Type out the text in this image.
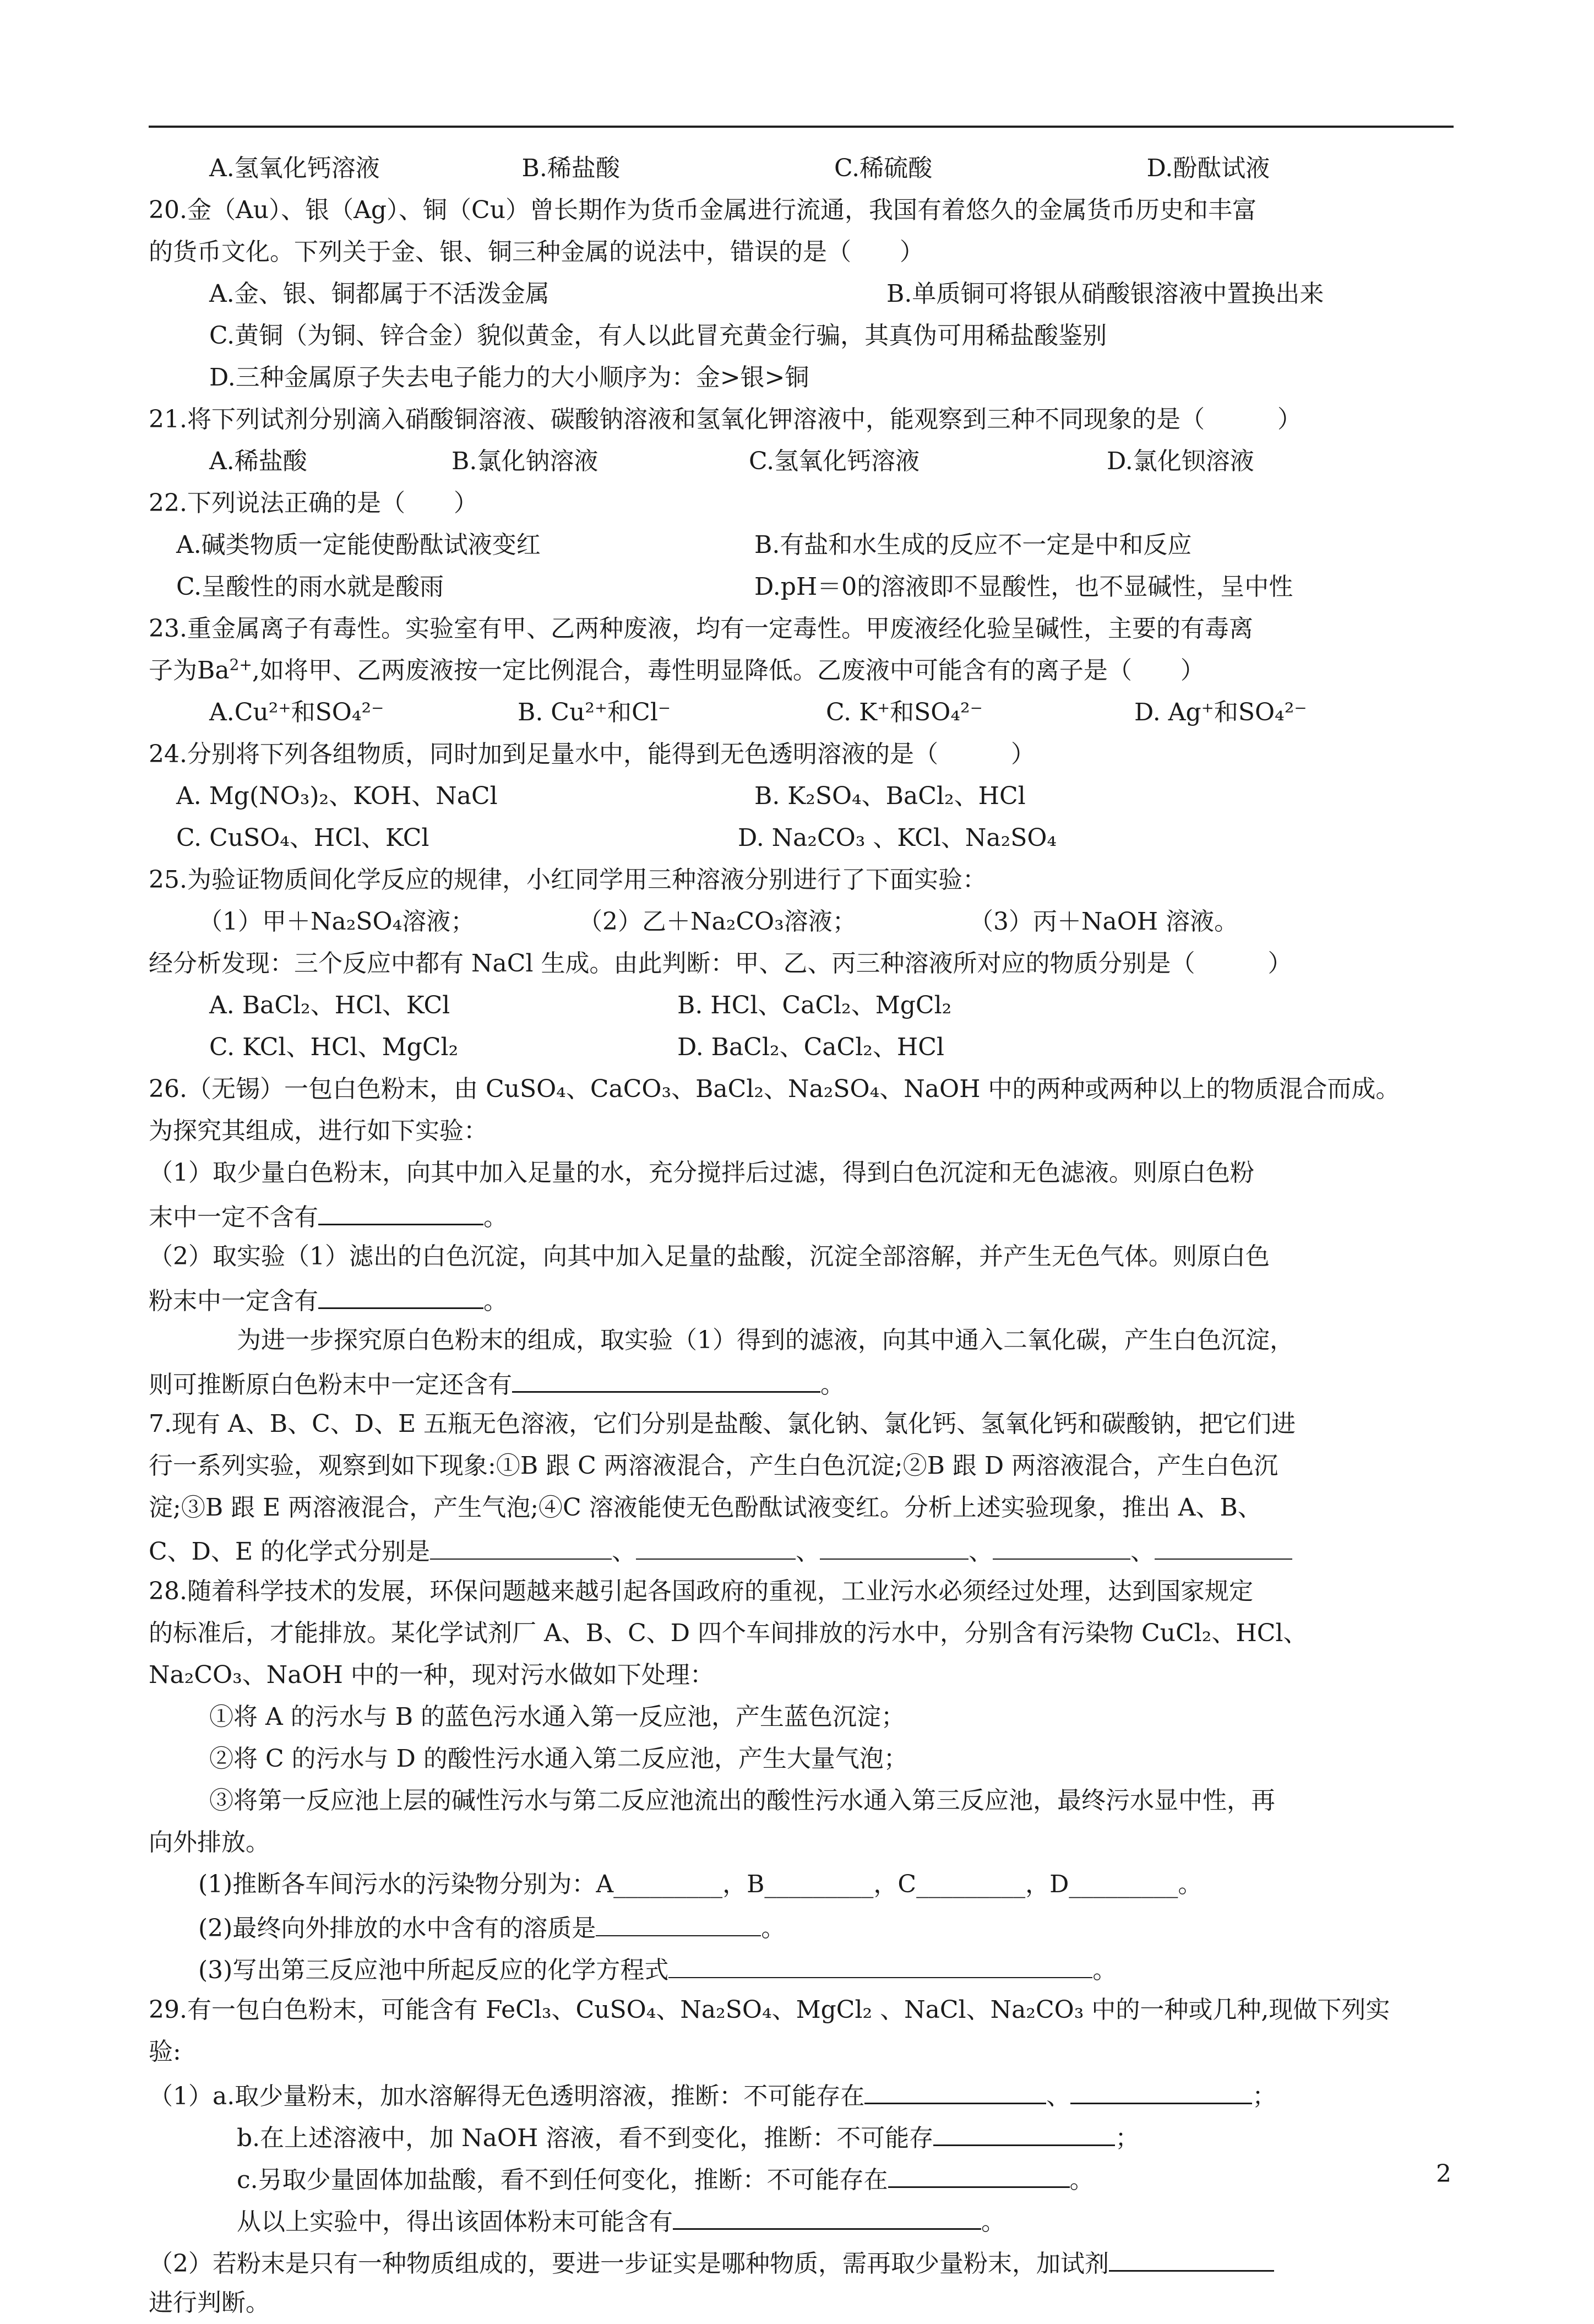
A.氢氧化钙溶液	B.稀盐酸	C.稀硫酸	D.酚酞试液
20.金（Au）、银（Ag）、铜（Cu）曾长期作为货币金属进行流通，我国有着悠久的金属货币历史和丰富
的货币文化。下列关于金、银、铜三种金属的说法中，错误的是（　　）
A.金、银、铜都属于不活泼金属	B.单质铜可将银从硝酸银溶液中置换出来
C.黄铜（为铜、锌合金）貌似黄金，有人以此冒充黄金行骗，其真伪可用稀盐酸鉴别
D.三种金属原子失去电子能力的大小顺序为：金>银>铜
21.将下列试剂分别滴入硝酸铜溶液、碳酸钠溶液和氢氧化钾溶液中，能观察到三种不同现象的是（　　　）
A.稀盐酸	B.氯化钠溶液	C.氢氧化钙溶液	D.氯化钡溶液
22.下列说法正确的是（　　）
A.碱类物质一定能使酚酞试液变红	B.有盐和水生成的反应不一定是中和反应
C.呈酸性的雨水就是酸雨	D.pH＝0的溶液即不显酸性，也不显碱性，呈中性
23.重金属离子有毒性。实验室有甲、乙两种废液，均有一定毒性。甲废液经化验呈碱性，主要的有毒离
子为$Ba^{2+}$,如将甲、乙两废液按一定比例混合，毒性明显降低。乙废液中可能含有的离子是（　　）
A.Cu²⁺和SO₄²⁻	B. Cu²⁺和Cl⁻	C. K⁺和SO₄²⁻	D. Ag⁺和SO₄²⁻
24.分别将下列各组物质，同时加到足量水中，能得到无色透明溶液的是（　　　）
A. Mg(NO₃)₂、KOH、NaCl	B. K₂SO₄、BaCl₂、HCl
C. CuSO₄、HCl、KCl	D. Na₂CO₃ 、KCl、Na₂SO₄
25.为验证物质间化学反应的规律，小红同学用三种溶液分别进行了下面实验：
（1）甲＋Na₂SO₄溶液；	（2）乙＋Na₂CO₃溶液；	（3）丙＋NaOH 溶液。
经分析发现：三个反应中都有 NaCl 生成。由此判断：甲、乙、丙三种溶液所对应的物质分别是（　　　）
A. BaCl₂、HCl、KCl	B. HCl、CaCl₂、MgCl₂
C. KCl、HCl、MgCl₂	D. BaCl₂、CaCl₂、HCl
26.（无锡）一包白色粉末，由 CuSO₄、CaCO₃、BaCl₂、Na₂SO₄、NaOH 中的两种或两种以上的物质混合而成。
为探究其组成，进行如下实验：
（1）取少量白色粉末，向其中加入足量的水，充分搅拌后过滤，得到白色沉淀和无色滤液。则原白色粉
末中一定不含有	。
（2）取实验（1）滤出的白色沉淀，向其中加入足量的盐酸，沉淀全部溶解，并产生无色气体。则原白色
粉末中一定含有	。
为进一步探究原白色粉末的组成，取实验（1）得到的滤液，向其中通入二氧化碳，产生白色沉淀，
则可推断原白色粉末中一定还含有	。
7.现有 A、B、C、D、E 五瓶无色溶液，它们分别是盐酸、氯化钠、氯化钙、氢氧化钙和碳酸钠，把它们进
行一系列实验，观察到如下现象:①B 跟 C 两溶液混合，产生白色沉淀;②B 跟 D 两溶液混合，产生白色沉
淀;③B 跟 E 两溶液混合，产生气泡;④C 溶液能使无色酚酞试液变红。分析上述实验现象，推出 A、B、
C、D、E 的化学式分别是	、	、	、	、
28.随着科学技术的发展，环保问题越来越引起各国政府的重视，工业污水必须经过处理，达到国家规定
的标准后，才能排放。某化学试剂厂 A、B、C、D 四个车间排放的污水中，分别含有污染物 CuCl₂、HCl、
Na₂CO₃、NaOH 中的一种，现对污水做如下处理：
①将 A 的污水与 B 的蓝色污水通入第一反应池，产生蓝色沉淀；
②将 C 的污水与 D 的酸性污水通入第二反应池，产生大量气泡；
③将第一反应池上层的碱性污水与第二反应池流出的酸性污水通入第三反应池，最终污水显中性，再
向外排放。
(1)推断各车间污水的污染物分别为：A_________，B_________，C_________，D_________。
(2)最终向外排放的水中含有的溶质是	。
(3)写出第三反应池中所起反应的化学方程式	。
29.有一包白色粉末，可能含有 FeCl₃、CuSO₄、Na₂SO₄、MgCl₂ 、NaCl、Na₂CO₃ 中的一种或几种,现做下列实
验:
（1）a.取少量粉末，加水溶解得无色透明溶液，推断：不可能存在	、	；
b.在上述溶液中，加 NaOH 溶液，看不到变化，推断：不可能存	；
c.另取少量固体加盐酸，看不到任何变化，推断：不可能存在	。
从以上实验中，得出该固体粉末可能含有	。
（2）若粉末是只有一种物质组成的，要进一步证实是哪种物质，需再取少量粉末，加试剂
进行判断。
2
